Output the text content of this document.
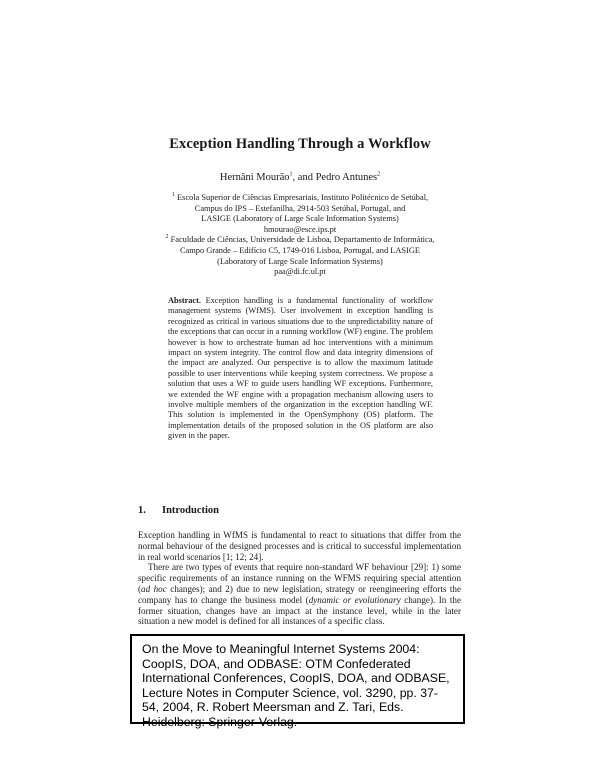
Exception Handling Through a Workflow
Hernâni Mourão$^1$, and Pedro Antunes$^2$
$^1$ Escola Superior de Ciências Empresariais, Instituto Politécnico de Setúbal, Campus do IPS – Estefanilha, 2914-503 Setúbal, Portugal, and
LASIGE (Laboratory of Large Scale Information Systems)
hmourao@esce.ips.pt
$^2$ Faculdade de Ciências, Universidade de Lisboa, Departamento de Informática, Campo Grande – Edifício C5, 1749-016 Lisboa, Portugal, and LASIGE (Laboratory of Large Scale Information Systems)
paa@di.fc.ul.pt
Abstract. Exception handling is a fundamental functionality of workflow management systems (WfMS). User involvement in exception handling is recognized as critical in various situations due to the unpredictability nature of the exceptions that can occur in a running workflow (WF) engine. The problem however is how to orchestrate human ad hoc interventions with a minimum impact on system integrity. The control flow and data integrity dimensions of the impact are analyzed. Our perspective is to allow the maximum latitude possible to user interventions while keeping system correctness. We propose a solution that uses a WF to guide users handling WF exceptions. Furthermore, we extended the WF engine with a propagation mechanism allowing users to involve multiple members of the organization in the exception handling WF. This solution is implemented in the OpenSymphony (OS) platform. The implementation details of the proposed solution in the OS platform are also given in the paper.
1. Introduction

Exception handling in WfMS is fundamental to react to situations that differ from the normal behaviour of the designed processes and is critical to successful implementation in real world scenarios [1; 12; 24].

There are two types of events that require non-standard WF behaviour [29]: 1) some specific requirements of an instance running on the WFMS requiring special attention (ad hoc changes); and 2) due to new legislation, strategy or reengineering efforts the company has to change the business model (dynamic or evolutionary change). In the former situation, changes have an impact at the instance level, while in the later situation a new model is defined for all instances of a specific class.

On the Move to Meaningful Internet Systems 2004: CoopIS, DOA, and ODBASE: OTM Confederated International Conferences, CoopIS, DOA, and ODBASE, Lecture Notes in Computer Science, vol. 3290, pp. 37-54, 2004, R. Robert Meersman and Z. Tari, Eds. Heidelberg: Springer-Verlag.
